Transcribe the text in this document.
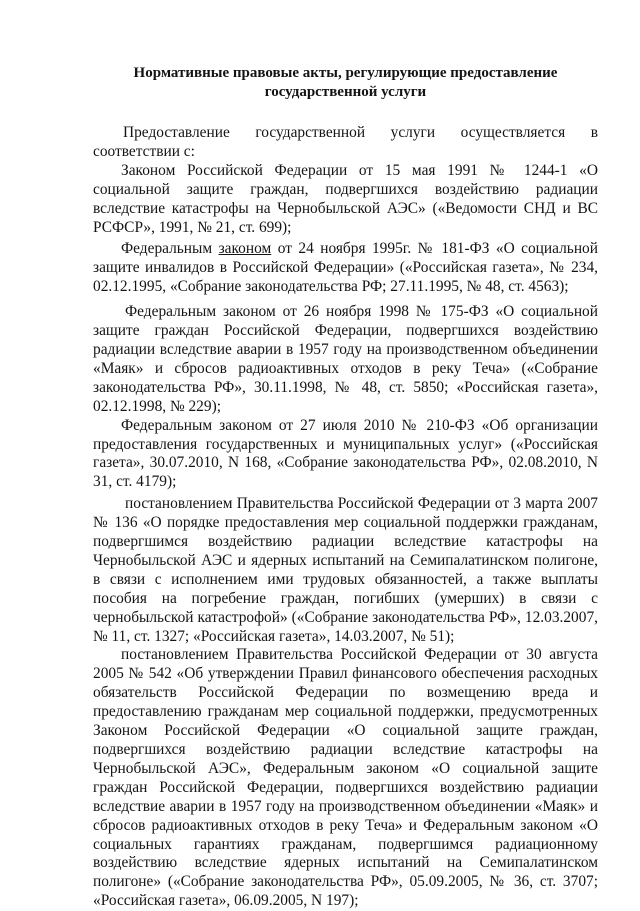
Нормативные правовые акты, регулирующие предоставление
государственной услуги

Предоставление государственной услуги осуществляется в соответствии с:

Законом Российской Федерации от 15 мая 1991 № 1244-1 «О социальной защите граждан, подвергшихся воздействию радиации вследствие катастрофы на Чернобыльской АЭС» («Ведомости СНД и ВС РСФСР», 1991, № 21, ст. 699);

Федеральным законом от 24 ноября 1995г. № 181-ФЗ «О социальной защите инвалидов в Российской Федерации» («Российская газета», № 234, 02.12.1995, «Собрание законодательства РФ; 27.11.1995, № 48, ст. 4563);

Федеральным законом от 26 ноября 1998 № 175-ФЗ «О социальной защите граждан Российской Федерации, подвергшихся воздействию радиации вследствие аварии в 1957 году на производственном объединении «Маяк» и сбросов радиоактивных отходов в реку Теча» («Собрание законодательства РФ», 30.11.1998, № 48, ст. 5850; «Российская газета», 02.12.1998, № 229);

Федеральным законом от 27 июля 2010 № 210-ФЗ «Об организации предоставления государственных и муниципальных услуг» («Российская газета», 30.07.2010, N 168, «Собрание законодательства РФ», 02.08.2010, N 31, ст. 4179);

постановлением Правительства Российской Федерации от 3 марта 2007 № 136 «О порядке предоставления мер социальной поддержки гражданам, подвергшимся воздействию радиации вследствие катастрофы на Чернобыльской АЭС и ядерных испытаний на Семипалатинском полигоне, в связи с исполнением ими трудовых обязанностей, а также выплаты пособия на погребение граждан, погибших (умерших) в связи с чернобыльской катастрофой» («Собрание законодательства РФ», 12.03.2007, № 11, ст. 1327; «Российская газета», 14.03.2007, № 51);

постановлением Правительства Российской Федерации от 30 августа 2005 № 542 «Об утверждении Правил финансового обеспечения расходных обязательств Российской Федерации по возмещению вреда и предоставлению гражданам мер социальной поддержки, предусмотренных Законом Российской Федерации «О социальной защите граждан, подвергшихся воздействию радиации вследствие катастрофы на Чернобыльской АЭС», Федеральным законом «О социальной защите граждан Российской Федерации, подвергшихся воздействию радиации вследствие аварии в 1957 году на производственном объединении «Маяк» и сбросов радиоактивных отходов в реку Теча» и Федеральным законом «О социальных гарантиях гражданам, подвергшимся радиационному воздействию вследствие ядерных испытаний на Семипалатинском полигоне» («Собрание законодательства РФ», 05.09.2005, № 36, ст. 3707; «Российская газета», 06.09.2005, N 197);
